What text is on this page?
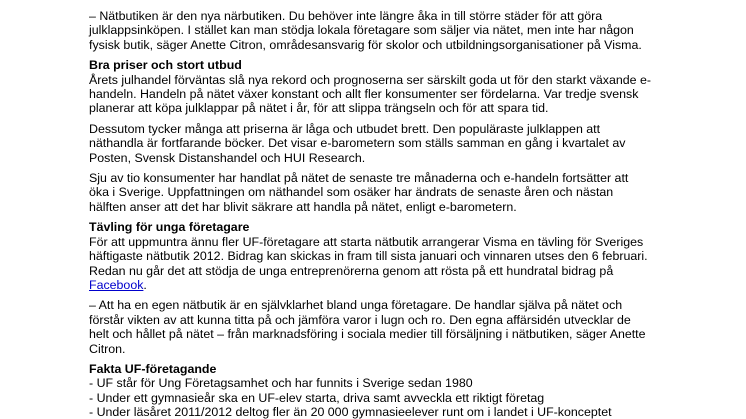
– Nätbutiken är den nya närbutiken. Du behöver inte längre åka in till större städer för att göra
julklappsinköpen. I stället kan man stödja lokala företagare som säljer via nätet, men inte har någon
fysisk butik, säger Anette Citron, områdesansvarig för skolor och utbildningsorganisationer på Visma.

Bra priser och stort utbud

Årets julhandel förväntas slå nya rekord och prognoserna ser särskilt goda ut för den starkt växande e-
handeln. Handeln på nätet växer konstant och allt fler konsumenter ser fördelarna. Var tredje svensk
planerar att köpa julklappar på nätet i år, för att slippa trängseln och för att spara tid.

Dessutom tycker många att priserna är låga och utbudet brett. Den populäraste julklappen att
näthandla är fortfarande böcker. Det visar e-barometern som ställs samman en gång i kvartalet av
Posten, Svensk Distanshandel och HUI Research.

Sju av tio konsumenter har handlat på nätet de senaste tre månaderna och e-handeln fortsätter att
öka i Sverige. Uppfattningen om näthandel som osäker har ändrats de senaste åren och nästan
hälften anser att det har blivit säkrare att handla på nätet, enligt e-barometern.

Tävling för unga företagare

För att uppmuntra ännu fler UF-företagare att starta nätbutik arrangerar Visma en tävling för Sveriges
häftigaste nätbutik 2012. Bidrag kan skickas in fram till sista januari och vinnaren utses den 6 februari.
Redan nu går det att stödja de unga entreprenörerna genom att rösta på ett hundratal bidrag på
Facebook.

– Att ha en egen nätbutik är en självklarhet bland unga företagare. De handlar själva på nätet och
förstår vikten av att kunna titta på och jämföra varor i lugn och ro. Den egna affärsidén utvecklar de
helt och hållet på nätet – från marknadsföring i sociala medier till försäljning i nätbutiken, säger Anette
Citron.

Fakta UF-företagande
- UF står för Ung Företagsamhet och har funnits i Sverige sedan 1980
- Under ett gymnasieår ska en UF-elev starta, driva samt avveckla ett riktigt företag
- Under läsåret 2011/2012 deltog fler än 20 000 gymnasieelever runt om i landet i UF-konceptet
